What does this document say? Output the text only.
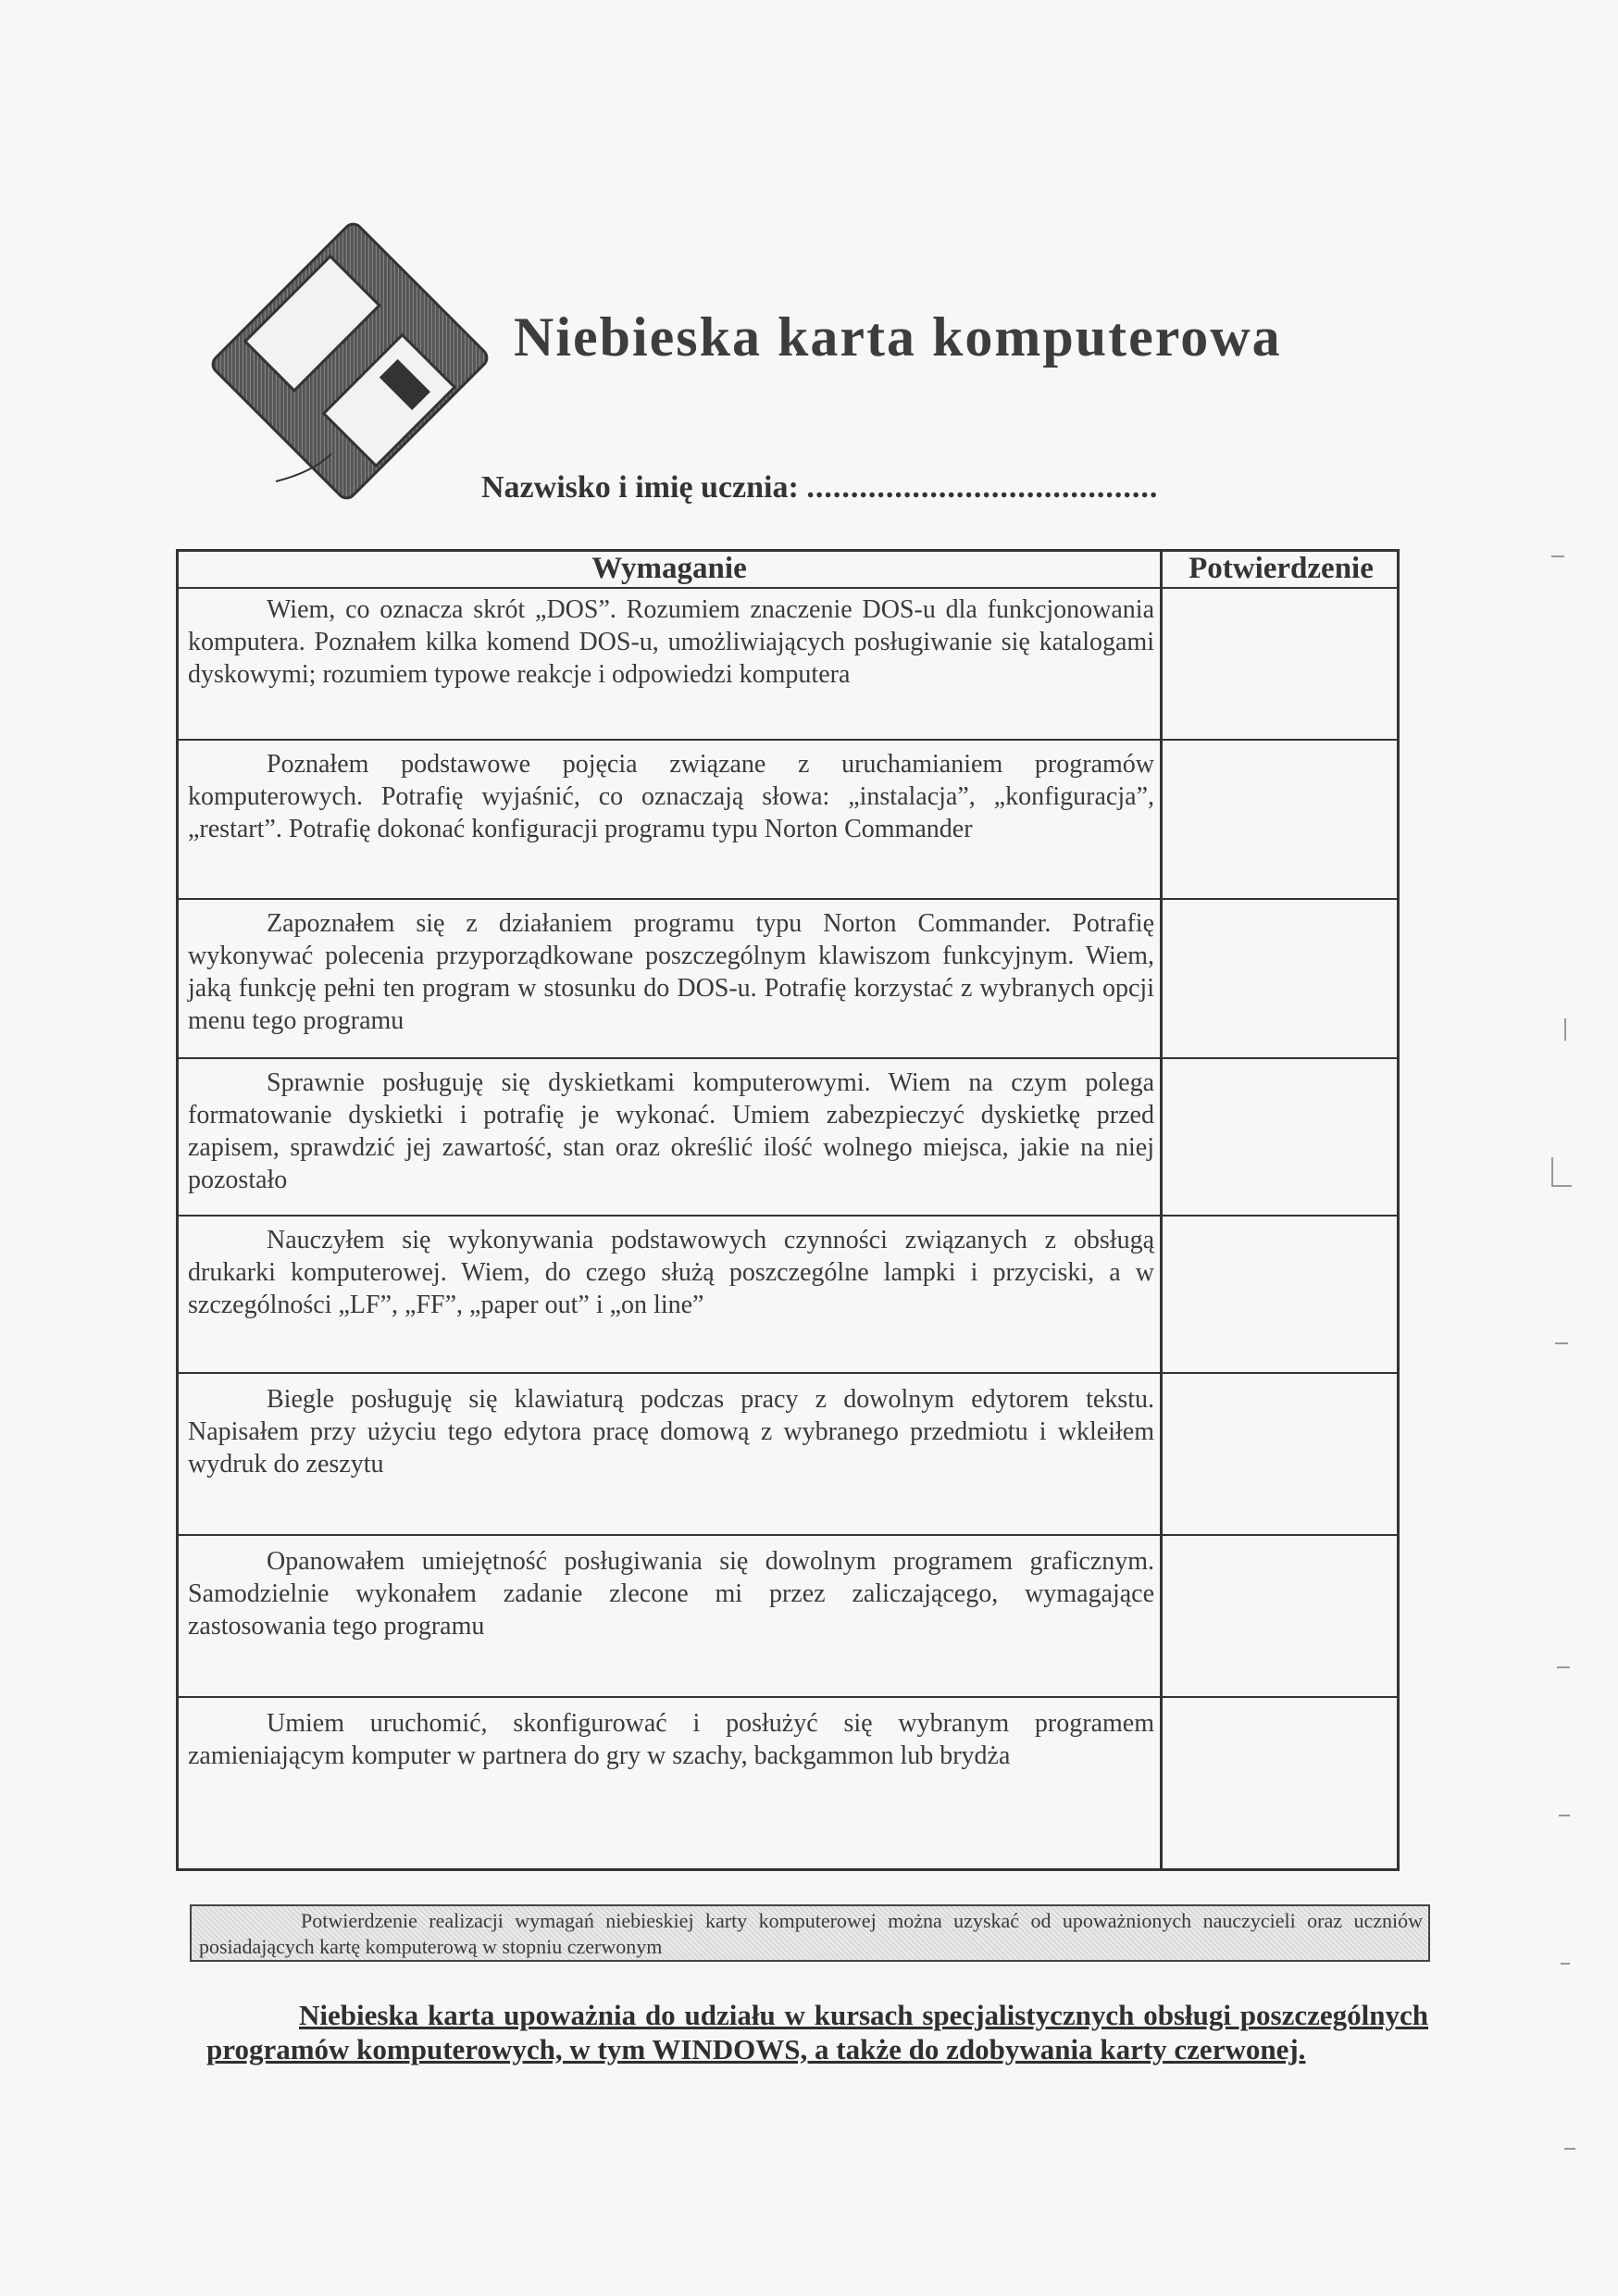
Niebieska karta komputerowa
Nazwisko i imię ucznia: ........................................
Wymaganie	Potwierdzenie

Wiem, co oznacza skrót „DOS”. Rozumiem znaczenie DOS-u dla funkcjonowania komputera. Poznałem kilka komend DOS-u, umożliwiających posługiwanie się katalogami dyskowymi; rozumiem typowe reakcje i odpowiedzi komputera

Poznałem podstawowe pojęcia związane z uruchamianiem programów komputerowych. Potrafię wyjaśnić, co oznaczają słowa: „instalacja”, „konfiguracja”, „restart”. Potrafię dokonać konfiguracji programu typu Norton Commander

Zapoznałem się z działaniem programu typu Norton Commander. Potrafię wykonywać polecenia przyporządkowane poszczególnym klawiszom funkcyjnym. Wiem, jaką funkcję pełni ten program w stosunku do DOS-u. Potrafię korzystać z wybranych opcji menu tego programu

Sprawnie posługuję się dyskietkami komputerowymi. Wiem na czym polega formatowanie dyskietki i potrafię je wykonać. Umiem zabezpieczyć dyskietkę przed zapisem, sprawdzić jej zawartość, stan oraz określić ilość wolnego miejsca, jakie na niej pozostało

Nauczyłem się wykonywania podstawowych czynności związanych z obsługą drukarki komputerowej. Wiem, do czego służą poszczególne lampki i przyciski, a w szczególności „LF”, „FF”, „paper out” i „on line”

Biegle posługuję się klawiaturą podczas pracy z dowolnym edytorem tekstu. Napisałem przy użyciu tego edytora pracę domową z wybranego przedmiotu i wkleiłem wydruk do zeszytu

Opanowałem umiejętność posługiwania się dowolnym programem graficznym. Samodzielnie wykonałem zadanie zlecone mi przez zaliczającego, wymagające zastosowania tego programu

Umiem uruchomić, skonfigurować i posłużyć się wybranym programem zamieniającym komputer w partnera do gry w szachy, backgammon lub brydża

Potwierdzenie realizacji wymagań niebieskiej karty komputerowej można uzyskać od upoważnionych nauczycieli oraz uczniów posiadających kartę komputerową w stopniu czerwonym

Niebieska karta upoważnia do udziału w kursach specjalistycznych obsługi poszczególnych programów komputerowych, w tym WINDOWS, a także do zdobywania karty czerwonej.
